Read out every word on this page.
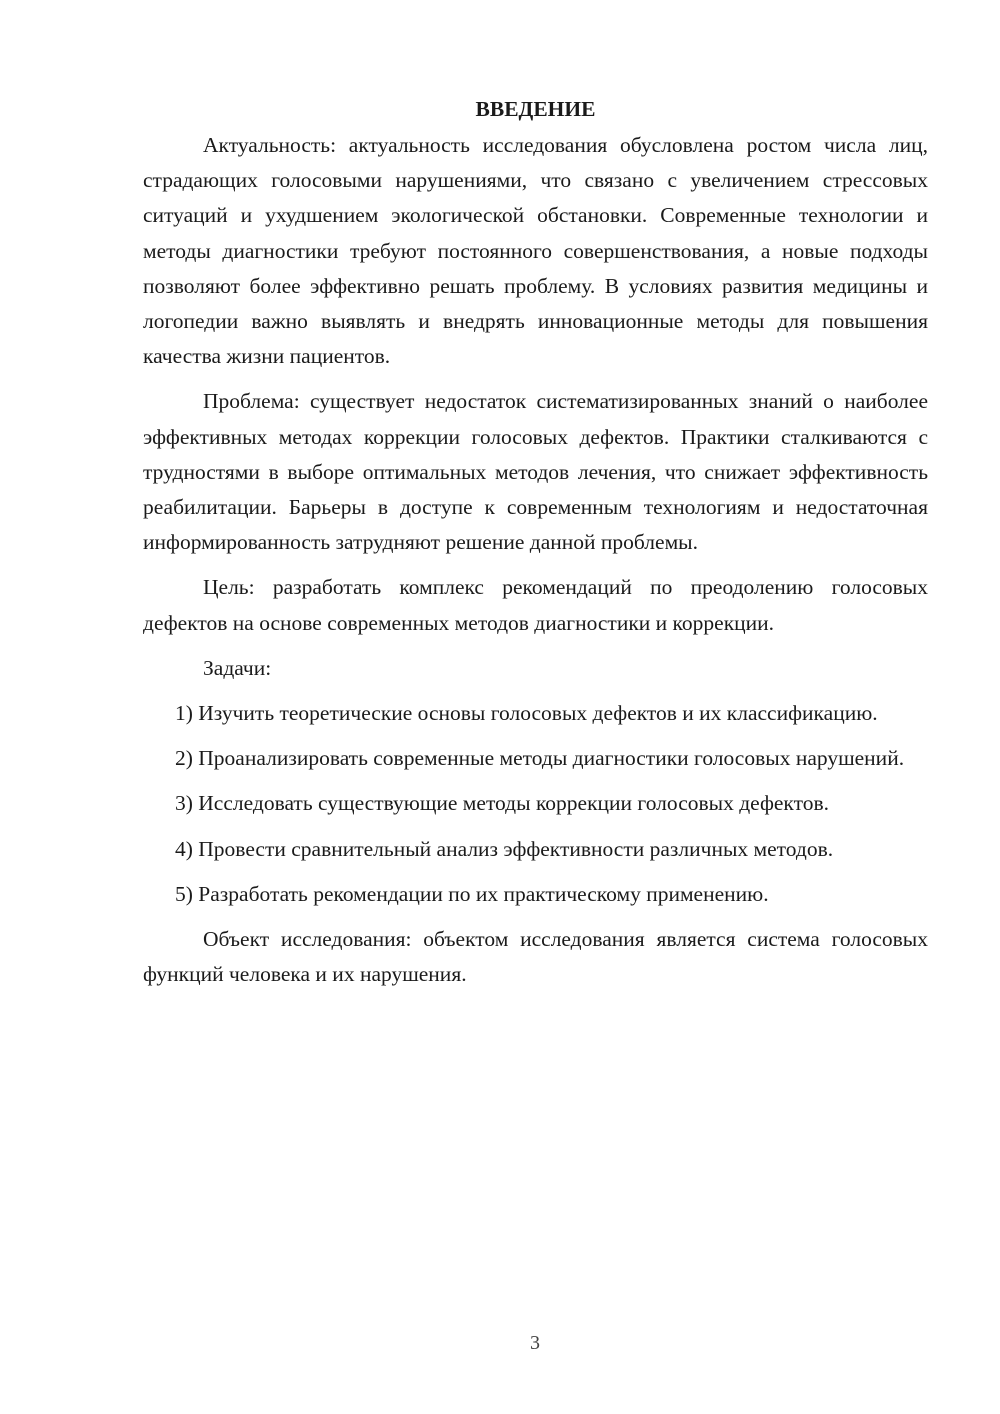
ВВЕДЕНИЕ

Актуальность: актуальность исследования обусловлена ростом числа лиц, страдающих голосовыми нарушениями, что связано с увеличением стрессовых ситуаций и ухудшением экологической обстановки. Современные технологии и методы диагностики требуют постоянного совершенствования, а новые подходы позволяют более эффективно решать проблему. В условиях развития медицины и логопедии важно выявлять и внедрять инновационные методы для повышения качества жизни пациентов.

Проблема: существует недостаток систематизированных знаний о наиболее эффективных методах коррекции голосовых дефектов. Практики сталкиваются с трудностями в выборе оптимальных методов лечения, что снижает эффективность реабилитации. Барьеры в доступе к современным технологиям и недостаточная информированность затрудняют решение данной проблемы.

Цель: разработать комплекс рекомендаций по преодолению голосовых дефектов на основе современных методов диагностики и коррекции.

Задачи:

1) Изучить теоретические основы голосовых дефектов и их классификацию.

2) Проанализировать современные методы диагностики голосовых нарушений.

3) Исследовать существующие методы коррекции голосовых дефектов.

4) Провести сравнительный анализ эффективности различных методов.

5) Разработать рекомендации по их практическому применению.

Объект исследования: объектом исследования является система голосовых функций человека и их нарушения.

3
